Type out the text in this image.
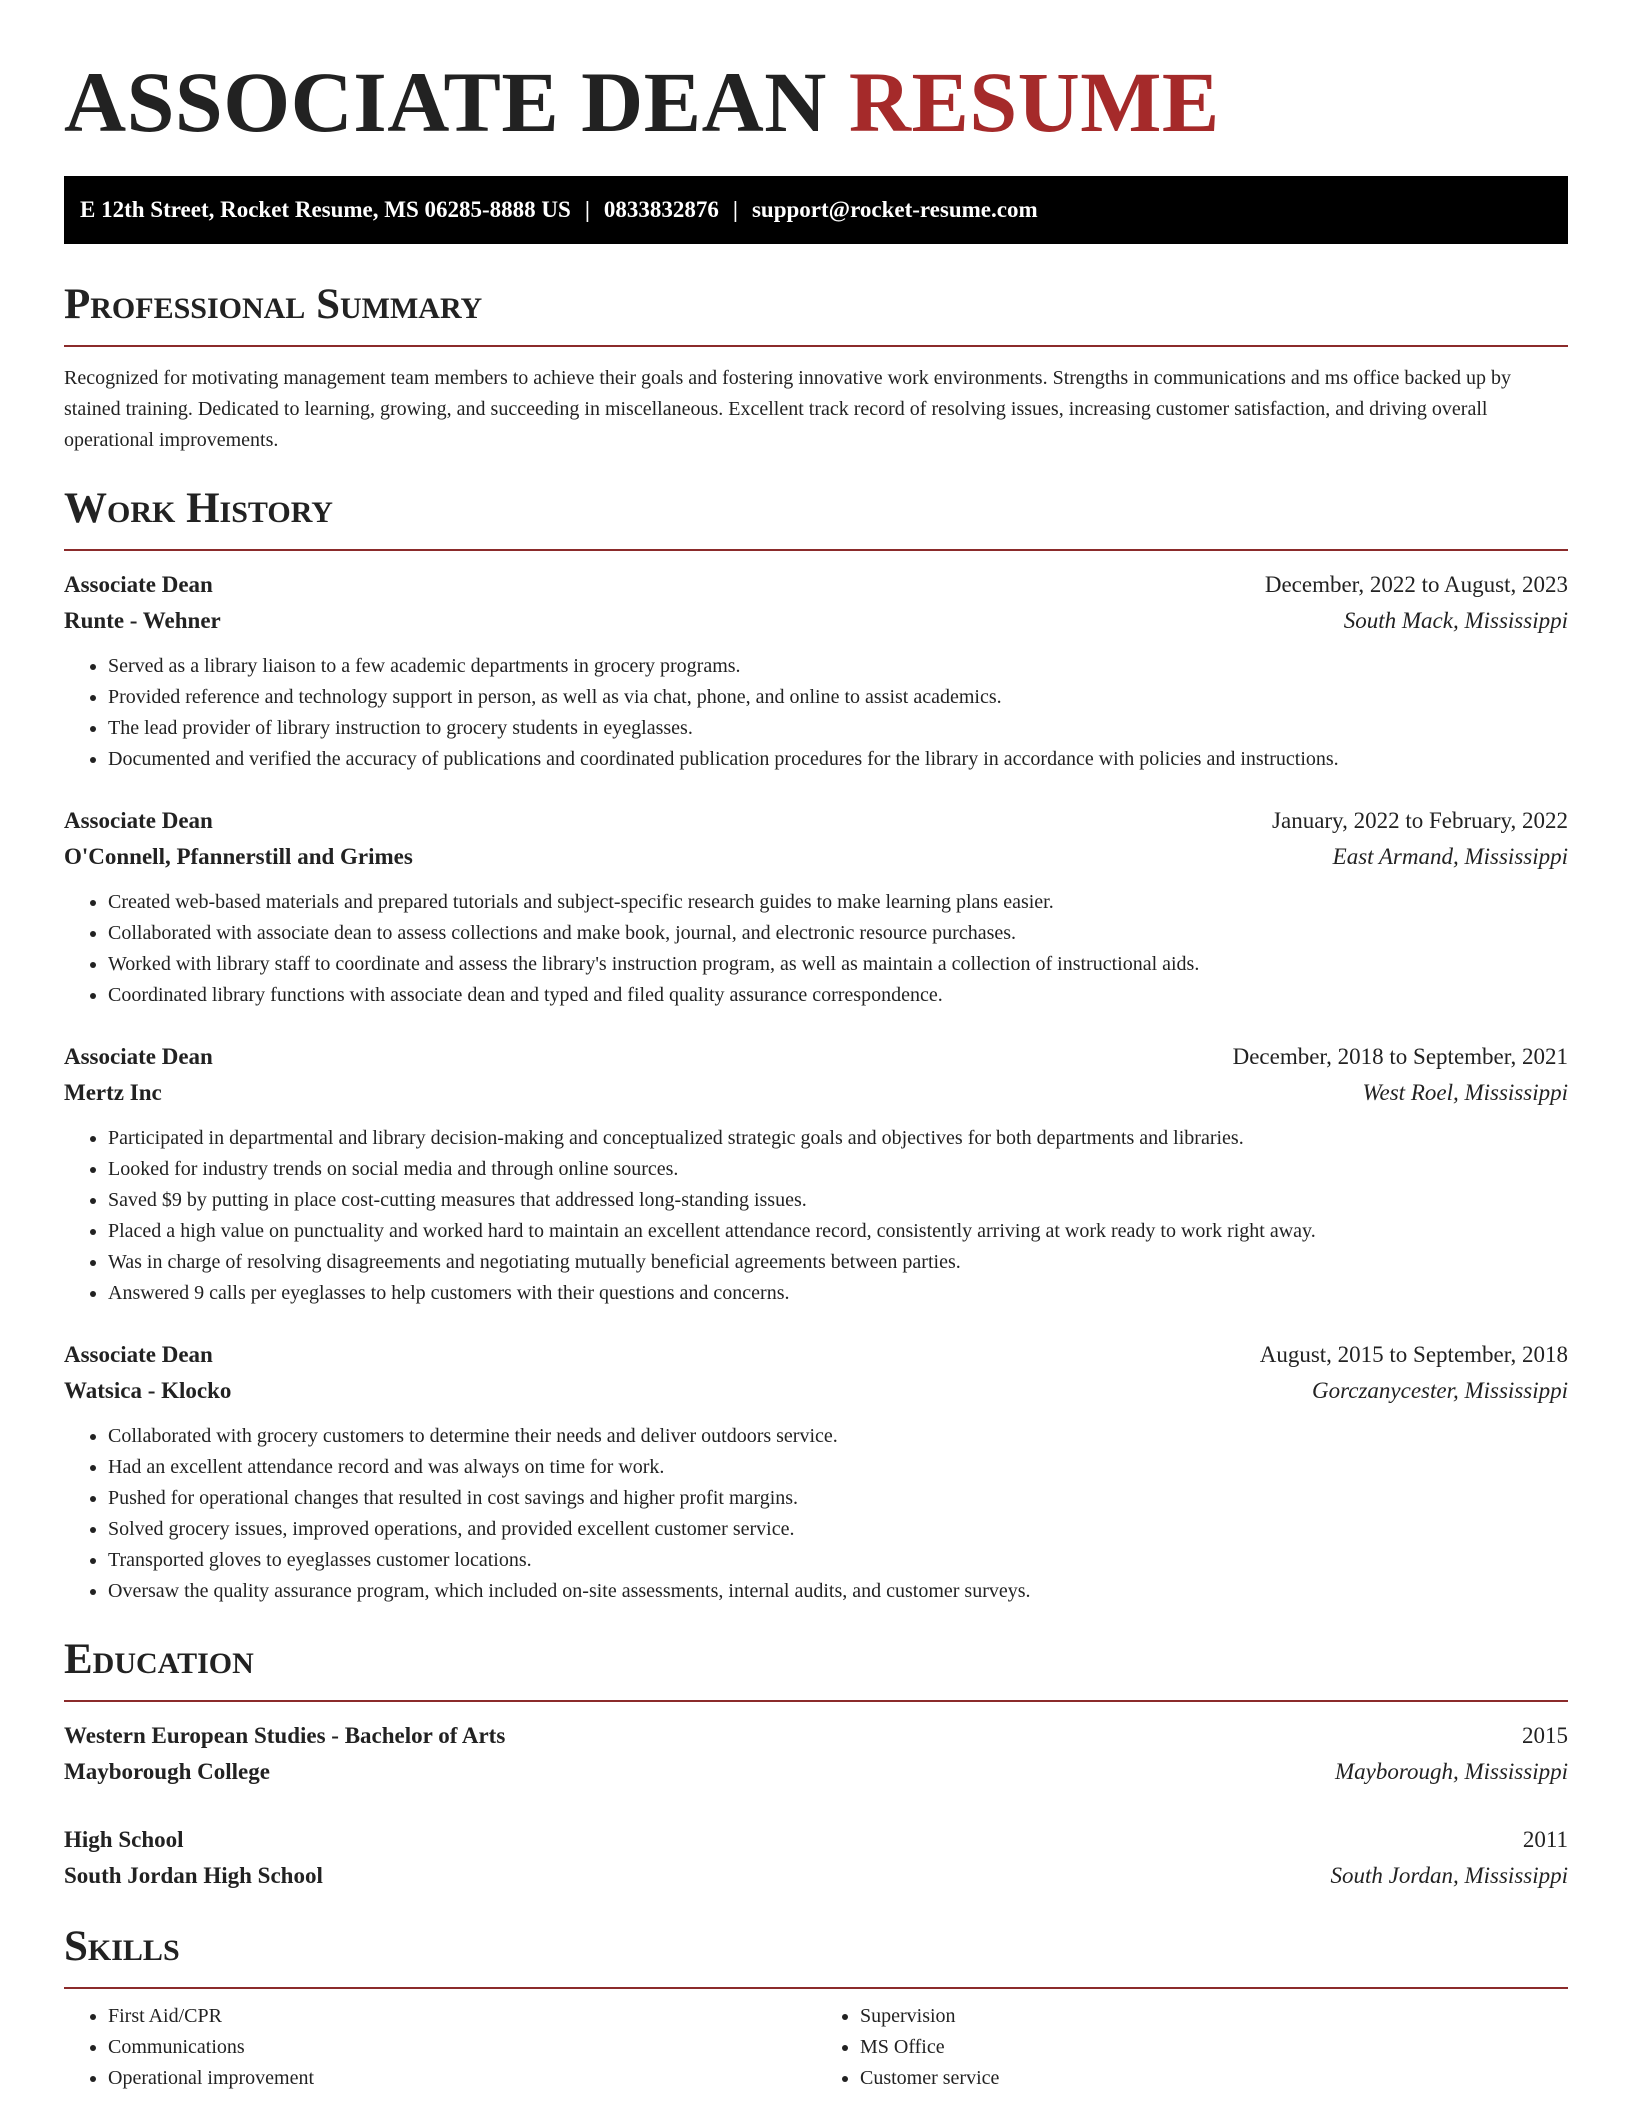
ASSOCIATE DEAN RESUME
E 12th Street, Rocket Resume, MS 06285-8888 US | 0833832876 | support@rocket-resume.com
Professional Summary

Recognized for motivating management team members to achieve their goals and fostering innovative work environments. Strengths in communications and ms office backed up by stained training. Dedicated to learning, growing, and succeeding in miscellaneous. Excellent track record of resolving issues, increasing customer satisfaction, and driving overall operational improvements.

Work History
Associate Dean	December, 2022 to August, 2023
Runte - Wehner	South Mack, Mississippi
• Served as a library liaison to a few academic departments in grocery programs.
• Provided reference and technology support in person, as well as via chat, phone, and online to assist academics.
• The lead provider of library instruction to grocery students in eyeglasses.
• Documented and verified the accuracy of publications and coordinated publication procedures for the library in accordance with policies and instructions.
Associate Dean	January, 2022 to February, 2022
O'Connell, Pfannerstill and Grimes	East Armand, Mississippi
• Created web-based materials and prepared tutorials and subject-specific research guides to make learning plans easier.
• Collaborated with associate dean to assess collections and make book, journal, and electronic resource purchases.
• Worked with library staff to coordinate and assess the library's instruction program, as well as maintain a collection of instructional aids.
• Coordinated library functions with associate dean and typed and filed quality assurance correspondence.
Associate Dean	December, 2018 to September, 2021
Mertz Inc	West Roel, Mississippi
• Participated in departmental and library decision-making and conceptualized strategic goals and objectives for both departments and libraries.
• Looked for industry trends on social media and through online sources.
• Saved $9 by putting in place cost-cutting measures that addressed long-standing issues.
• Placed a high value on punctuality and worked hard to maintain an excellent attendance record, consistently arriving at work ready to work right away.
• Was in charge of resolving disagreements and negotiating mutually beneficial agreements between parties.
• Answered 9 calls per eyeglasses to help customers with their questions and concerns.
Associate Dean	August, 2015 to September, 2018
Watsica - Klocko	Gorczanycester, Mississippi
• Collaborated with grocery customers to determine their needs and deliver outdoors service.
• Had an excellent attendance record and was always on time for work.
• Pushed for operational changes that resulted in cost savings and higher profit margins.
• Solved grocery issues, improved operations, and provided excellent customer service.
• Transported gloves to eyeglasses customer locations.
• Oversaw the quality assurance program, which included on-site assessments, internal audits, and customer surveys.
Education
Western European Studies - Bachelor of Arts	2015
Mayborough College	Mayborough, Mississippi
High School	2011
South Jordan High School	South Jordan, Mississippi
Skills
• First Aid/CPR
• Communications
• Operational improvement
• Supervision
• MS Office
• Customer service
